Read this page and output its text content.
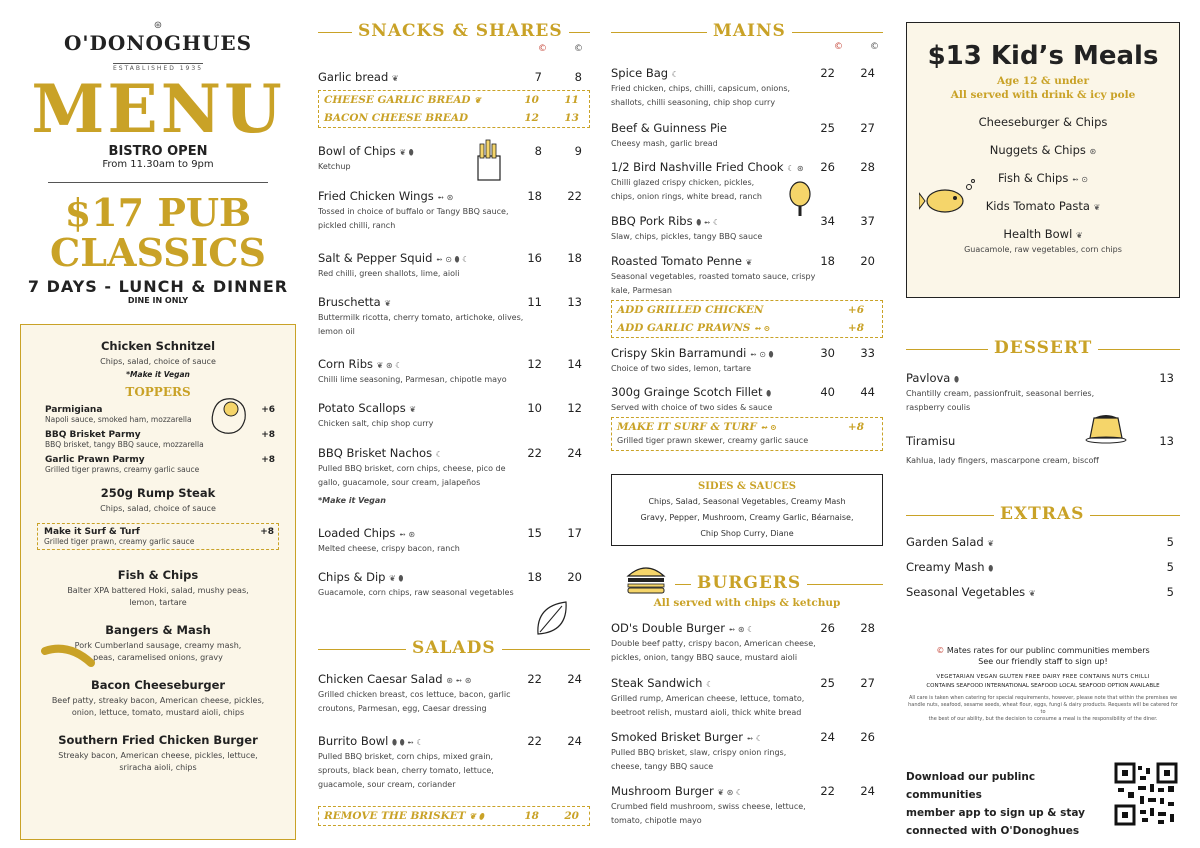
⊛
O'DONOGHUES
ESTABLISHED 1935
MENU
BISTRO OPEN
From 11.30am to 9pm
$17 PUB
CLASSICS
7 DAYS - LUNCH & DINNER
DINE IN ONLY
Chicken Schnitzel
Chips, salad, choice of sauce
*Make it Vegan
TOPPERS
Parmigiana
Napoli sauce, smoked ham, mozzarella
+6
BBQ Brisket Parmy
BBQ brisket, tangy BBQ sauce, mozzarella
+8
Garlic Prawn Parmy
Grilled tiger prawns, creamy garlic sauce
+8
250g Rump Steak
Chips, salad, choice of sauce
Make it Surf & Turf
Grilled tiger prawn, creamy garlic sauce
+8
Fish & Chips
Balter XPA battered Hoki, salad, mushy peas,
lemon, tartare
Bangers & Mash
Pork Cumberland sausage, creamy mash,
peas, caramelised onions, gravy
Bacon Cheeseburger
Beef patty, streaky bacon, American cheese, pickles,
onion, lettuce, tomato, mustard aioli, chips
Southern Fried Chicken Burger
Streaky bacon, American cheese, pickles, lettuce,
sriracha aioli, chips
SNACKS & SHARES
©	©
Garlic bread ❦	7	8
CHEESE GARLIC BREAD ❦	10	11
BACON CHEESE BREAD	12	13
Bowl of Chips ❦ ⬮
Ketchup
8	9
Fried Chicken Wings ➻ ⊛
Tossed in choice of buffalo or Tangy BBQ sauce,
pickled chilli, ranch
18	22
Salt & Pepper Squid ➻ ⊙ ⬮ ☾
Red chilli, green shallots, lime, aioli
16	18
Bruschetta ❦
Buttermilk ricotta, cherry tomato, artichoke, olives,
lemon oil
11	13
Corn Ribs ❦ ⊛ ☾
Chilli lime seasoning, Parmesan, chipotle mayo
12	14
Potato Scallops ❦
Chicken salt, chip shop curry
10	12
BBQ Brisket Nachos ☾
Pulled BBQ brisket, corn chips, cheese, pico de
gallo, guacamole, sour cream, jalapeños
*Make it Vegan
22	24
Loaded Chips ➻ ⊛
Melted cheese, crispy bacon, ranch
15	17
Chips & Dip ❦ ⬮
Guacamole, corn chips, raw seasonal vegetables
18	20
SALADS
Chicken Caesar Salad ⊛ ➻ ⊛
Grilled chicken breast, cos lettuce, bacon, garlic
croutons, Parmesan, egg, Caesar dressing
22	24
Burrito Bowl ⬮ ⬮ ➻ ☾
Pulled BBQ brisket, corn chips, mixed grain,
sprouts, black bean, cherry tomato, lettuce,
guacamole, sour cream, coriander
22	24
REMOVE THE BRISKET ❦ ⬮	18	20
MAINS
©	©
Spice Bag ☾
Fried chicken, chips, chilli, capsicum, onions,
shallots, chilli seasoning, chip shop curry
22	24
Beef & Guinness Pie
Cheesy mash, garlic bread
25	27
1/2 Bird Nashville Fried Chook ☾ ⊛
Chilli glazed crispy chicken, pickles,
chips, onion rings, white bread, ranch
26	28
BBQ Pork Ribs ⬮ ➻ ☾
Slaw, chips, pickles, tangy BBQ sauce
34	37
Roasted Tomato Penne ❦
Seasonal vegetables, roasted tomato sauce, crispy
kale, Parmesan
18	20
ADD GRILLED CHICKEN	+6
ADD GARLIC PRAWNS ➻ ⊙	+8
Crispy Skin Barramundi ➻ ⊙ ⬮
Choice of two sides, lemon, tartare
30	33
300g Grainge Scotch Fillet ⬮
Served with choice of two sides & sauce
40	44
MAKE IT SURF & TURF ➻ ⊙	+8
Grilled tiger prawn skewer, creamy garlic sauce
SIDES & SAUCES
Chips, Salad, Seasonal Vegetables, Creamy Mash
Gravy, Pepper, Mushroom, Creamy Garlic, Béarnaise,
Chip Shop Curry, Diane
BURGERS
All served with chips & ketchup
OD's Double Burger ➻ ⊛ ☾
Double beef patty, crispy bacon, American cheese,
pickles, onion, tangy BBQ sauce, mustard aioli
26	28
Steak Sandwich ☾
Grilled rump, American cheese, lettuce, tomato,
beetroot relish, mustard aioli, thick white bread
25	27
Smoked Brisket Burger ➻ ☾
Pulled BBQ brisket, slaw, crispy onion rings,
cheese, tangy BBQ sauce
24	26
Mushroom Burger ❦ ⊛ ☾
Crumbed field mushroom, swiss cheese, lettuce,
tomato, chipotle mayo
22	24
$13 Kid’s Meals
Age 12 & under
All served with drink & icy pole
Cheeseburger & Chips
Nuggets & Chips ⊛
Fish & Chips ➻ ⊙
Kids Tomato Pasta ❦
Health Bowl ❦
Guacamole, raw vegetables, corn chips
DESSERT
Pavlova ⬮
Chantilly cream, passionfruit, seasonal berries,
raspberry coulis
13
Tiramisu
Kahlua, lady fingers, mascarpone cream, biscoff
13
EXTRAS
Garden Salad ❦	5
Creamy Mash ⬮	5
Seasonal Vegetables ❦	5
© Mates rates for our publinc communities members
See our friendly staff to sign up!
VEGETARIAN VEGAN GLUTEN FREE DAIRY FREE CONTAINS NUTS CHILLI
CONTAINS SEAFOOD INTERNATIONAL SEAFOOD LOCAL SEAFOOD OPTION AVAILABLE
All care is taken when catering for special requirements, however, please note that within the premises we
handle nuts, seafood, sesame seeds, wheat flour, eggs, fungi & dairy products. Requests will be catered for to
the best of our ability, but the decision to consume a meal is the responsibility of the diner.
Download our publinc communities
member app to sign up & stay
connected with O'Donoghues
